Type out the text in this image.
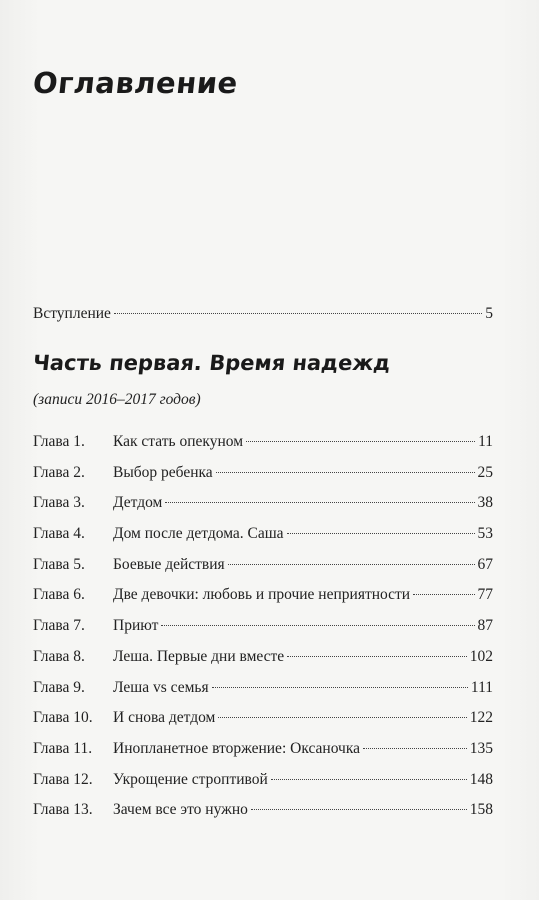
Оглавление
Вступление	5
Часть первая. Время надежд

(записи 2016–2017 годов)

Глава 1.	Как стать опекуном	11
Глава 2.	Выбор ребенка	25
Глава 3.	Детдом	38
Глава 4.	Дом после детдома. Саша	53
Глава 5.	Боевые действия	67
Глава 6.	Две девочки: любовь и прочие неприятности	77
Глава 7.	Приют	87
Глава 8.	Леша. Первые дни вместе	102
Глава 9.	Леша vs семья	111
Глава 10.	И снова детдом	122
Глава 11.	Инопланетное вторжение: Оксаночка	135
Глава 12.	Укрощение строптивой	148
Глава 13.	Зачем все это нужно	158
